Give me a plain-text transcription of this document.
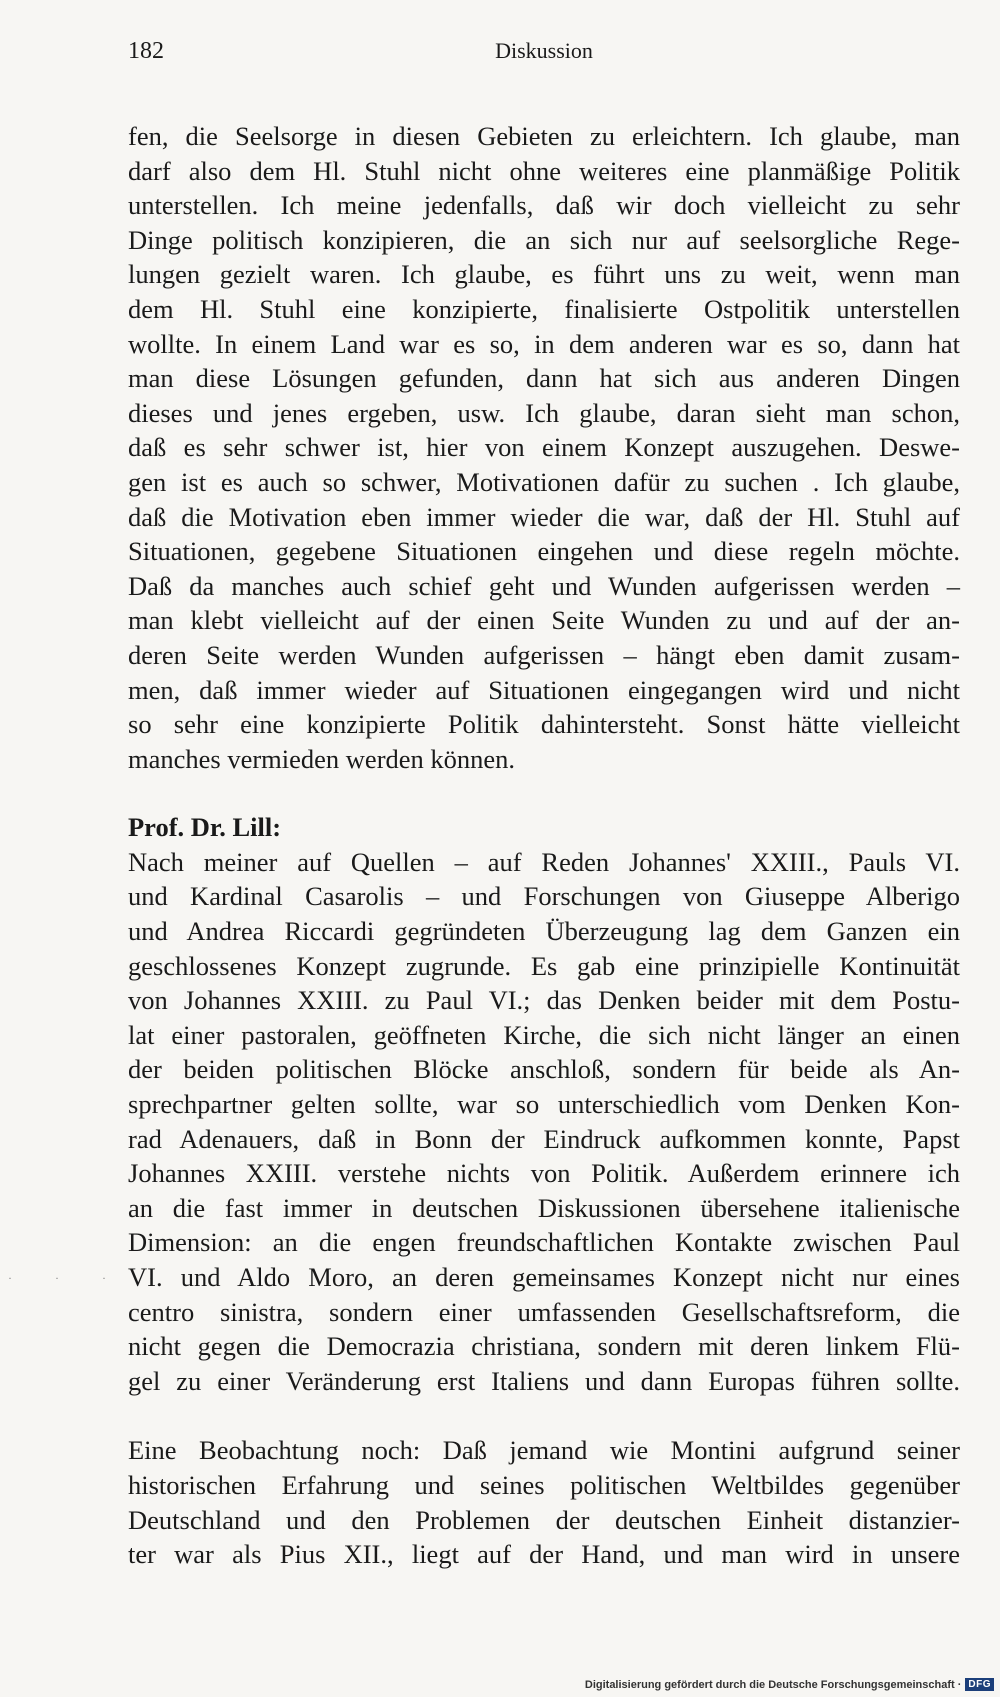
182	Diskussion
· · · ·
fen, die Seelsorge in diesen Gebieten zu erleichtern. Ich glaube, man
darf also dem Hl. Stuhl nicht ohne weiteres eine planmäßige Politik
unterstellen. Ich meine jedenfalls, daß wir doch vielleicht zu sehr
Dinge politisch konzipieren, die an sich nur auf seelsorgliche Rege-
lungen gezielt waren. Ich glaube, es führt uns zu weit, wenn man
dem Hl. Stuhl eine konzipierte, finalisierte Ostpolitik unterstellen
wollte. In einem Land war es so, in dem anderen war es so, dann hat
man diese Lösungen gefunden, dann hat sich aus anderen Dingen
dieses und jenes ergeben, usw. Ich glaube, daran sieht man schon,
daß es sehr schwer ist, hier von einem Konzept auszugehen. Deswe-
gen ist es auch so schwer, Motivationen dafür zu suchen . Ich glaube,
daß die Motivation eben immer wieder die war, daß der Hl. Stuhl auf
Situationen, gegebene Situationen eingehen und diese regeln möchte.
Daß da manches auch schief geht und Wunden aufgerissen werden –
man klebt vielleicht auf der einen Seite Wunden zu und auf der an-
deren Seite werden Wunden aufgerissen – hängt eben damit zusam-
men, daß immer wieder auf Situationen eingegangen wird und nicht
so sehr eine konzipierte Politik dahintersteht. Sonst hätte vielleicht
manches vermieden werden können.
Prof. Dr. Lill:
Nach meiner auf Quellen – auf Reden Johannes' XXIII., Pauls VI.
und Kardinal Casarolis – und Forschungen von Giuseppe Alberigo
und Andrea Riccardi gegründeten Überzeugung lag dem Ganzen ein
geschlossenes Konzept zugrunde. Es gab eine prinzipielle Kontinuität
von Johannes XXIII. zu Paul VI.; das Denken beider mit dem Postu-
lat einer pastoralen, geöffneten Kirche, die sich nicht länger an einen
der beiden politischen Blöcke anschloß, sondern für beide als An-
sprechpartner gelten sollte, war so unterschiedlich vom Denken Kon-
rad Adenauers, daß in Bonn der Eindruck aufkommen konnte, Papst
Johannes XXIII. verstehe nichts von Politik. Außerdem erinnere ich
an die fast immer in deutschen Diskussionen übersehene italienische
Dimension: an die engen freundschaftlichen Kontakte zwischen Paul
VI. und Aldo Moro, an deren gemeinsames Konzept nicht nur eines
centro sinistra, sondern einer umfassenden Gesellschaftsreform, die
nicht gegen die Democrazia christiana, sondern mit deren linkem Flü-
gel zu einer Veränderung erst Italiens und dann Europas führen sollte.
Eine Beobachtung noch: Daß jemand wie Montini aufgrund seiner
historischen Erfahrung und seines politischen Weltbildes gegenüber
Deutschland und den Problemen der deutschen Einheit distanzier-
ter war als Pius XII., liegt auf der Hand, und man wird in unsere
Digitalisierung gefördert durch die Deutsche Forschungsgemeinschaft · DFG
